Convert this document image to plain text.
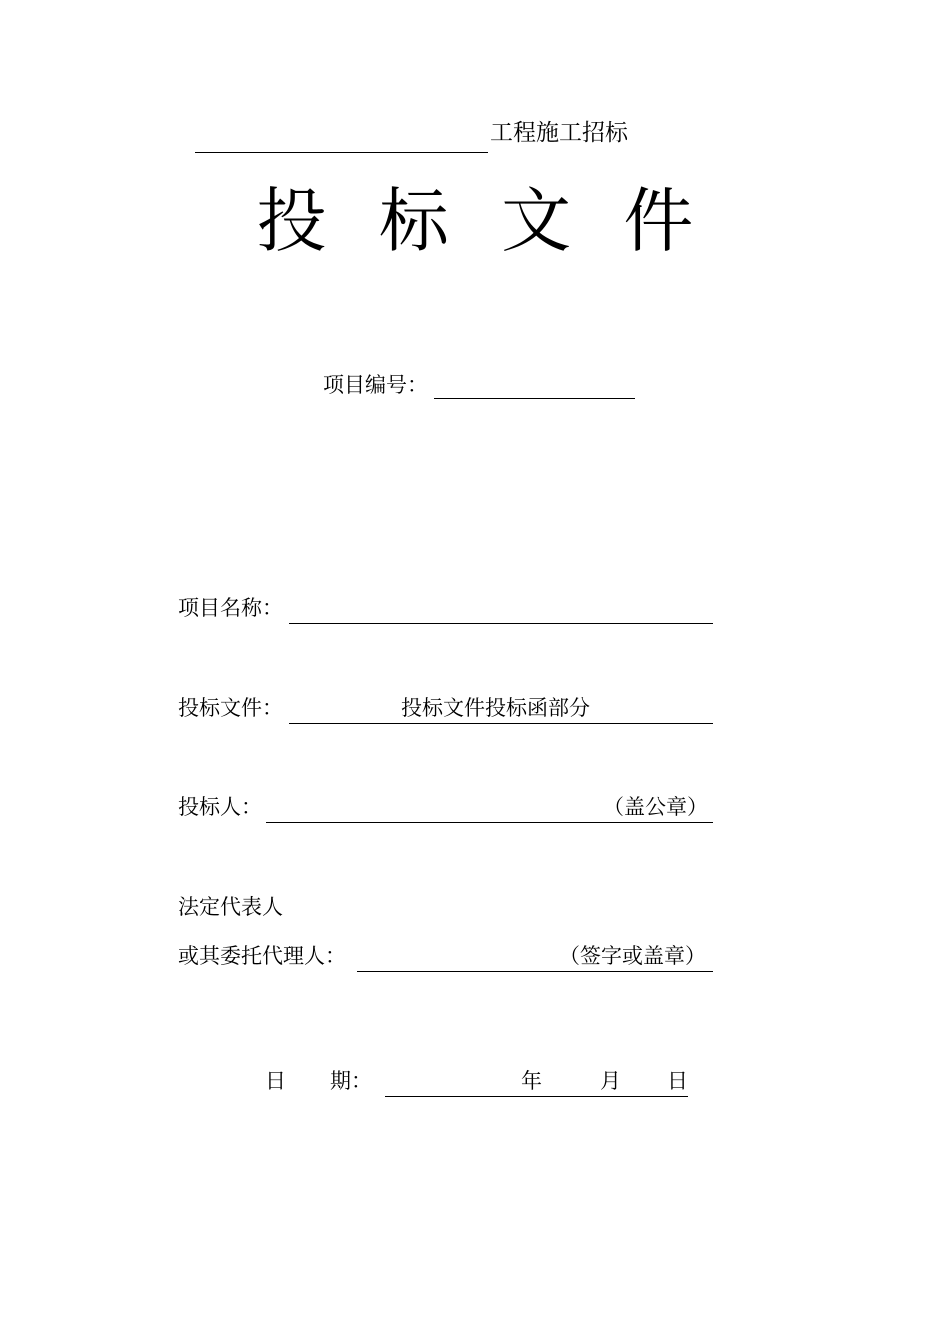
工程施工招标
投 标 文 件
项目编号：
项目名称：
投标文件：	投标文件投标函部分
投标人：	（盖公章）
法定代表人
或其委托代理人：	（签字或盖章）
日 期：	年	月 日
